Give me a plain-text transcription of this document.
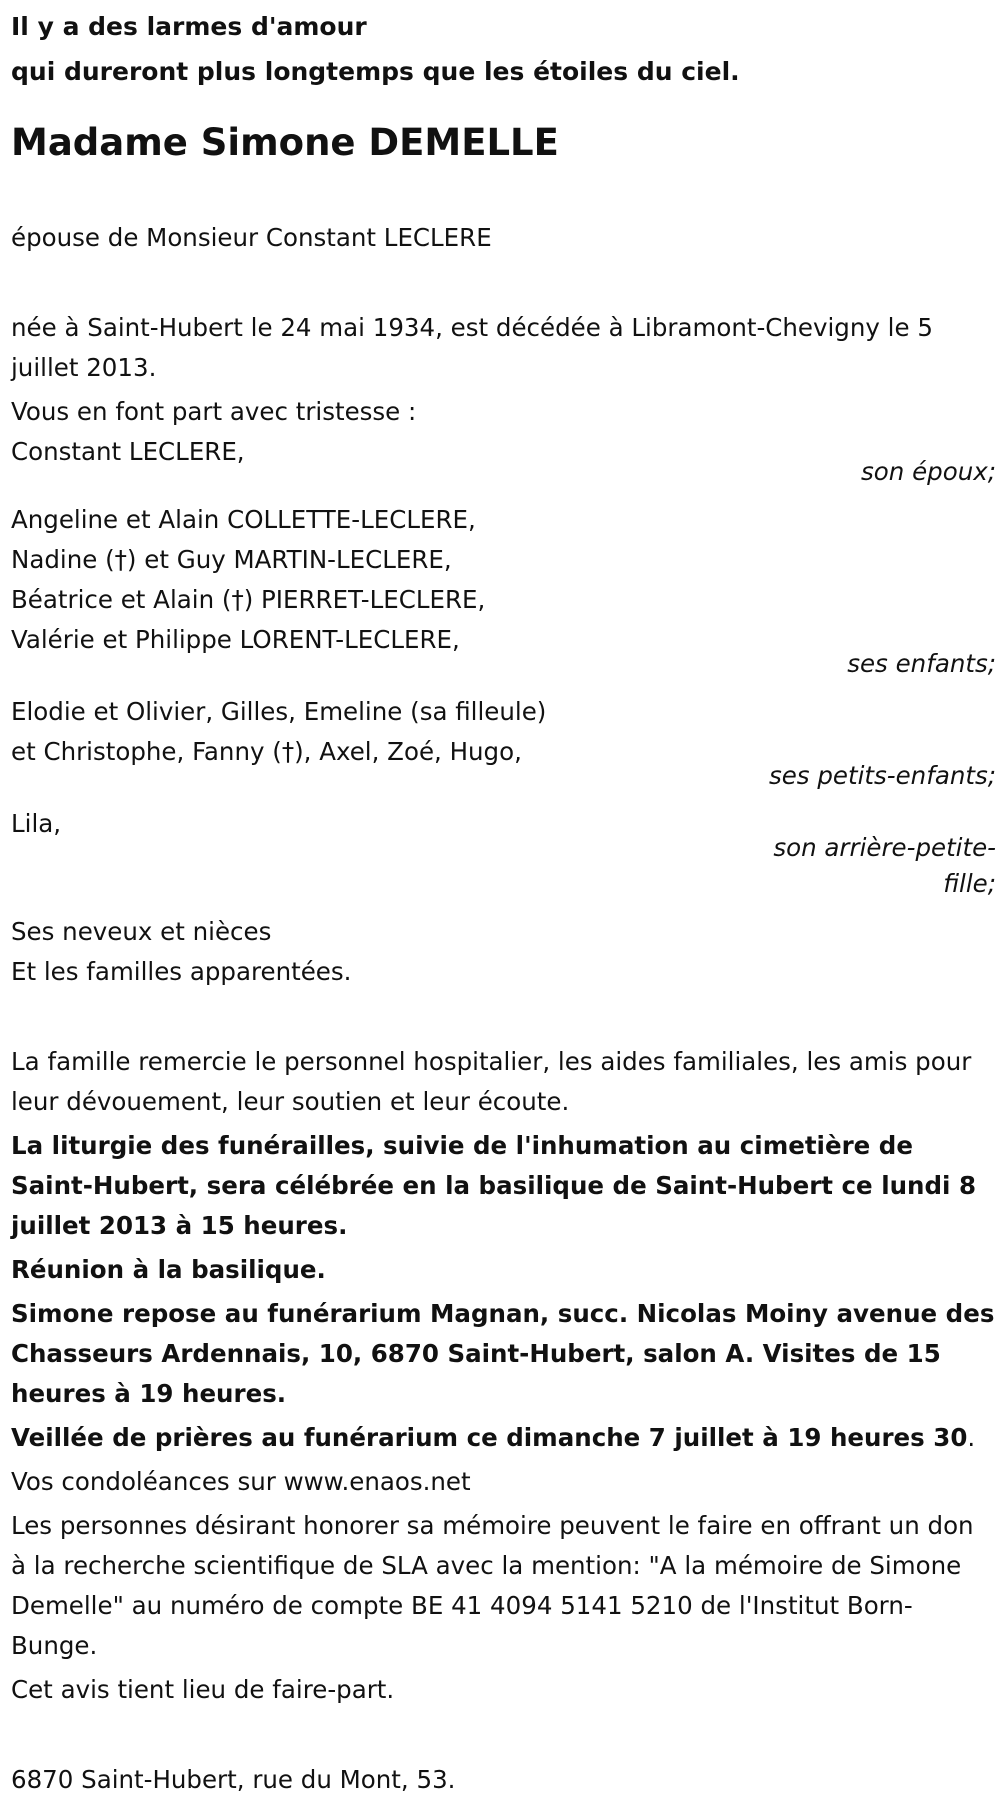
Il y a des larmes d'amour

qui dureront plus longtemps que les étoiles du ciel.

Madame Simone DEMELLE

épouse de Monsieur Constant LECLERE

née à Saint-Hubert le 24 mai 1934, est décédée à Libramont-Chevigny le 5 juillet 2013.

Vous en font part avec tristesse :

Constant LECLERE,

son époux;

Angeline et Alain COLLETTE-LECLERE,

Nadine (†) et Guy MARTIN-LECLERE,

Béatrice et Alain (†) PIERRET-LECLERE,

Valérie et Philippe LORENT-LECLERE,

ses enfants;

Elodie et Olivier, Gilles, Emeline (sa filleule)

et Christophe, Fanny (†), Axel, Zoé, Hugo,

ses petits-enfants;

Lila,

son arrière-petite-

fille;

Ses neveux et nièces

Et les familles apparentées.

La famille remercie le personnel hospitalier, les aides familiales, les amis pour leur dévouement, leur soutien et leur écoute.

La liturgie des funérailles, suivie de l'inhumation au cimetière de Saint-Hubert, sera célébrée en la basilique de Saint-Hubert ce lundi 8 juillet 2013 à 15 heures.

Réunion à la basilique.

Simone repose au funérarium Magnan, succ. Nicolas Moiny avenue des Chasseurs Ardennais, 10, 6870 Saint-Hubert, salon A. Visites de 15 heures à 19 heures.

Veillée de prières au funérarium ce dimanche 7 juillet à 19 heures 30.

Vos condoléances sur www.enaos.net

Les personnes désirant honorer sa mémoire peuvent le faire en offrant un don à la recherche scientifique de SLA avec la mention: "A la mémoire de Simone Demelle" au numéro de compte BE 41 4094 5141 5210 de l'Institut Born-Bunge.

Cet avis tient lieu de faire-part.

6870 Saint-Hubert, rue du Mont, 53.
